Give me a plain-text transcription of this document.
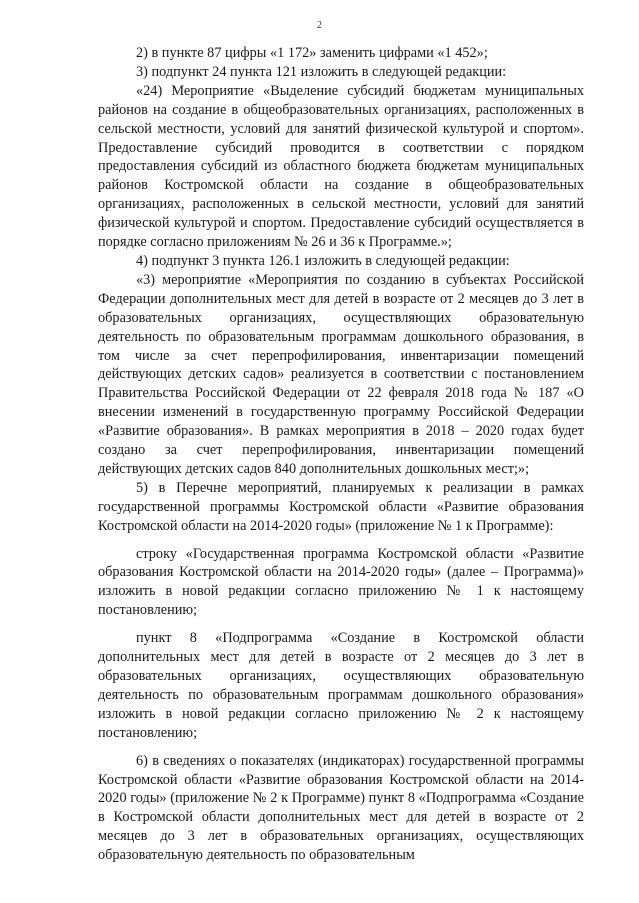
2

2) в пункте 87 цифры «1 172» заменить цифрами «1 452»;

3) подпункт 24 пункта 121 изложить в следующей редакции:

«24) Мероприятие «Выделение субсидий бюджетам муниципальных районов на создание в общеобразовательных организациях, расположенных в сельской местности, условий для занятий физической культурой и спортом». Предоставление субсидий проводится в соответствии с порядком предоставления субсидий из областного бюджета бюджетам муниципальных районов Костромской области на создание в общеобразовательных организациях, расположенных в сельской местности, условий для занятий физической культурой и спортом. Предоставление субсидий осуществляется в порядке согласно приложениям № 26 и 36 к Программе.»;

4) подпункт 3 пункта 126.1 изложить в следующей редакции:

«3) мероприятие «Мероприятия по созданию в субъектах Российской Федерации дополнительных мест для детей в возрасте от 2 месяцев до 3 лет в образовательных организациях, осуществляющих образовательную деятельность по образовательным программам дошкольного образования, в том числе за счет перепрофилирования, инвентаризации помещений действующих детских садов» реализуется в соответствии с постановлением Правительства Российской Федерации от 22 февраля 2018 года № 187 «О внесении изменений в государственную программу Российской Федерации «Развитие образования». В рамках мероприятия в 2018 – 2020 годах будет создано за счет перепрофилирования, инвентаризации помещений действующих детских садов 840 дополнительных дошкольных мест;»;

5) в Перечне мероприятий, планируемых к реализации в рамках государственной программы Костромской области «Развитие образования Костромской области на 2014-2020 годы» (приложение № 1 к Программе):

строку «Государственная программа Костромской области «Развитие образования Костромской области на 2014-2020 годы» (далее – Программа)» изложить в новой редакции согласно приложению № 1 к настоящему постановлению;

пункт 8 «Подпрограмма «Создание в Костромской области дополнительных мест для детей в возрасте от 2 месяцев до 3 лет в образовательных организациях, осуществляющих образовательную деятельность по образовательным программам дошкольного образования» изложить в новой редакции согласно приложению № 2 к настоящему постановлению;

6) в сведениях о показателях (индикаторах) государственной программы Костромской области «Развитие образования Костромской области на 2014-2020 годы» (приложение № 2 к Программе) пункт 8 «Подпрограмма «Создание в Костромской области дополнительных мест для детей в возрасте от 2 месяцев до 3 лет в образовательных организациях, осуществляющих образовательную деятельность по образовательным
